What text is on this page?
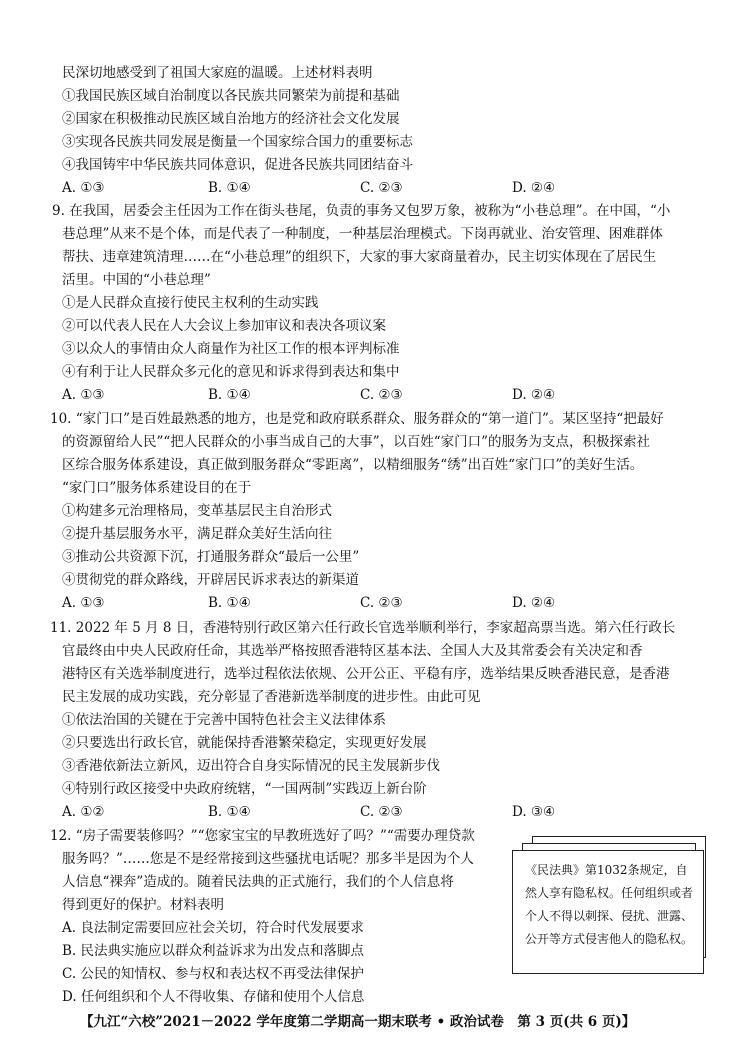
民深切地感受到了祖国大家庭的温暖。上述材料表明
①我国民族区域自治制度以各民族共同繁荣为前提和基础
②国家在积极推动民族区域自治地方的经济社会文化发展
③实现各民族共同发展是衡量一个国家综合国力的重要标志
④我国铸牢中华民族共同体意识，促进各民族共同团结奋斗
A. ①③	B. ①④	C. ②③	D. ②④
9. 在我国，居委会主任因为工作在街头巷尾，负责的事务又包罗万象，被称为“小巷总理”。在中国，“小
巷总理”从来不是个体，而是代表了一种制度，一种基层治理模式。下岗再就业、治安管理、困难群体
帮扶、违章建筑清理……在“小巷总理”的组织下，大家的事大家商量着办，民主切实体现在了居民生
活里。中国的“小巷总理”
①是人民群众直接行使民主权利的生动实践
②可以代表人民在人大会议上参加审议和表决各项议案
③以众人的事情由众人商量作为社区工作的根本评判标准
④有利于让人民群众多元化的意见和诉求得到表达和集中
A. ①③	B. ①④	C. ②③	D. ②④
10. “家门口”是百姓最熟悉的地方，也是党和政府联系群众、服务群众的“第一道门”。某区坚持“把最好
的资源留给人民”“把人民群众的小事当成自己的大事”，以百姓“家门口”的服务为支点，积极探索社
区综合服务体系建设，真正做到服务群众“零距离”，以精细服务“绣”出百姓“家门口”的美好生活。
“家门口”服务体系建设目的在于
①构建多元治理格局，变革基层民主自治形式
②提升基层服务水平，满足群众美好生活向往
③推动公共资源下沉，打通服务群众“最后一公里”
④贯彻党的群众路线，开辟居民诉求表达的新渠道
A. ①③	B. ①④	C. ②③	D. ②④
11. 2022 年 5 月 8 日，香港特别行政区第六任行政长官选举顺利举行，李家超高票当选。第六任行政长
官最终由中央人民政府任命，其选举严格按照香港特区基本法、全国人大及其常委会有关决定和香
港特区有关选举制度进行，选举过程依法依规、公开公正、平稳有序，选举结果反映香港民意，是香港
民主发展的成功实践，充分彰显了香港新选举制度的进步性。由此可见
①依法治国的关键在于完善中国特色社会主义法律体系
②只要选出行政长官，就能保持香港繁荣稳定，实现更好发展
③香港依新法立新风，迈出符合自身实际情况的民主发展新步伐
④特别行政区接受中央政府统辖，“一国两制”实践迈上新台阶
A. ①②	B. ①④	C. ②③	D. ③④
12. “房子需要装修吗？”“您家宝宝的早教班选好了吗？”“需要办理贷款
服务吗？”……您是不是经常接到这些骚扰电话呢？那多半是因为个人
人信息“裸奔”造成的。随着民法典的正式施行，我们的个人信息将
得到更好的保护。材料表明
A. 良法制定需要回应社会关切，符合时代发展要求
B. 民法典实施应以群众利益诉求为出发点和落脚点
C. 公民的知情权、参与权和表达权不再受法律保护
D. 任何组织和个人不得收集、存储和使用个人信息
《民法典》第1032条规定，自然人享有隐私权。任何组织或者个人不得以刺探、侵扰、泄露、公开等方式侵害他人的隐私权。
【九江“六校”2021－2022 学年度第二学期高一期末联考 • 政治试卷　第 3 页(共 6 页)】
